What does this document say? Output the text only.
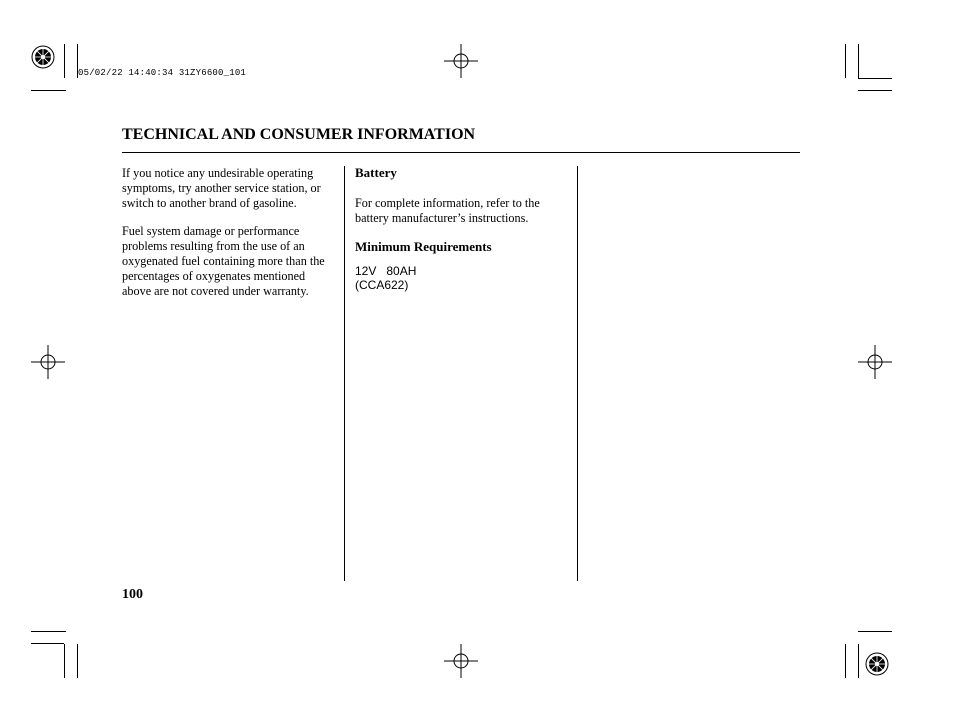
05/02/22 14:40:34 31ZY6600_101
TECHNICAL AND CONSUMER INFORMATION

If you notice any undesirable operating symptoms, try another service station, or switch to another brand of gasoline.

Fuel system damage or performance problems resulting from the use of an oxygenated fuel containing more than the percentages of oxygenates mentioned above are not covered under warranty.

Battery

For complete information, refer to the battery manufacturer’s instructions.

Minimum Requirements

12V   80AH

(CCA622)

100
